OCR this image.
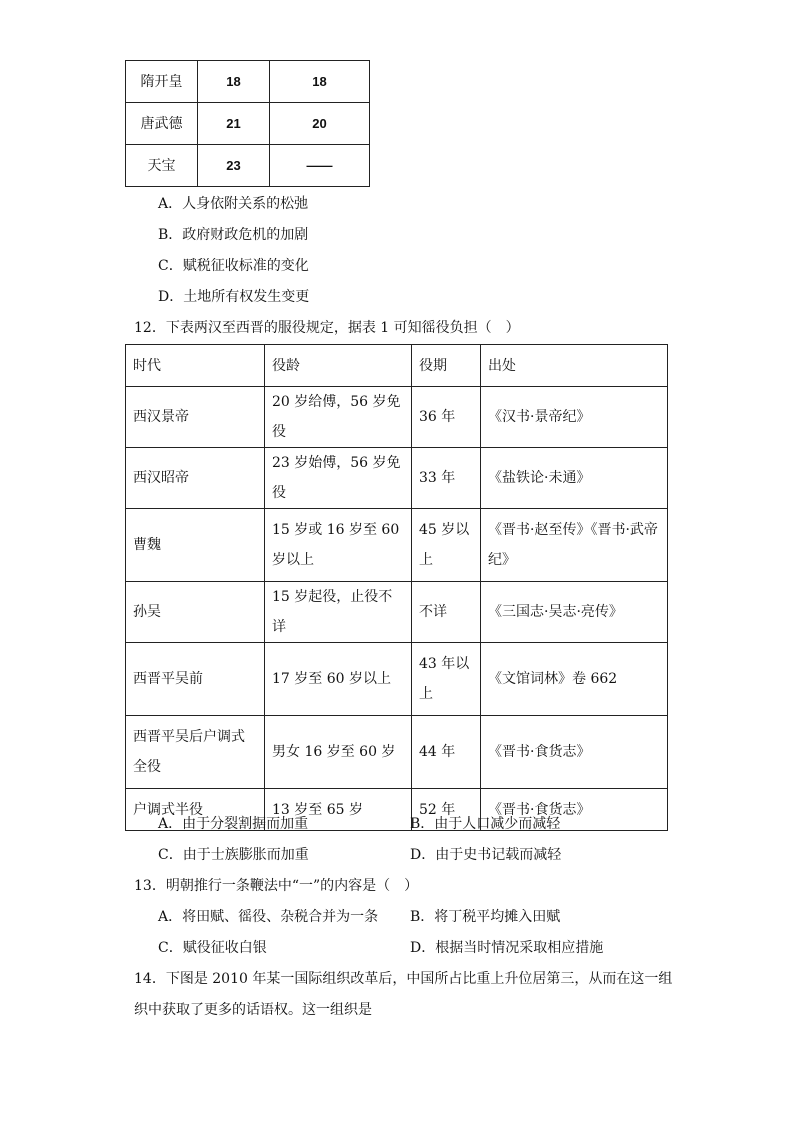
隋开皇	18	18
唐武德	21	20
天宝	23	——
A．人身依附关系的松弛
B．政府财政危机的加剧
C．赋税征收标准的变化
D．土地所有权发生变更
12．下表两汉至西晋的服役规定，据表 1 可知徭役负担（　）
时代	役龄	役期	出处
西汉景帝	20 岁给傅，56 岁免役	36 年	《汉书·景帝纪》
西汉昭帝	23 岁始傅，56 岁免役	33 年	《盐铁论·未通》
曹魏	15 岁或 16 岁至 60 岁以上	45 岁以上	《晋书·赵至传》《晋书·武帝纪》
孙吴	15 岁起役，止役不详	不详	《三国志·吴志·亮传》
西晋平吴前	17 岁至 60 岁以上	43 年以上	《文馆词林》卷 662
西晋平吴后户调式全役	男女 16 岁至 60 岁	44 年	《晋书·食货志》
户调式半役	13 岁至 65 岁	52 年	《晋书·食货志》
A．由于分裂割据而加重	B．由于人口减少而减轻
C．由于士族膨胀而加重	D．由于史书记载而减轻
13．明朝推行一条鞭法中“一”的内容是（　）
A．将田赋、徭役、杂税合并为一条 B．将丁税平均摊入田赋
C．赋役征收白银	D．根据当时情况采取相应措施
14．下图是 2010 年某一国际组织改革后，中国所占比重上升位居第三，从而在这一组
织中获取了更多的话语权。这一组织是
